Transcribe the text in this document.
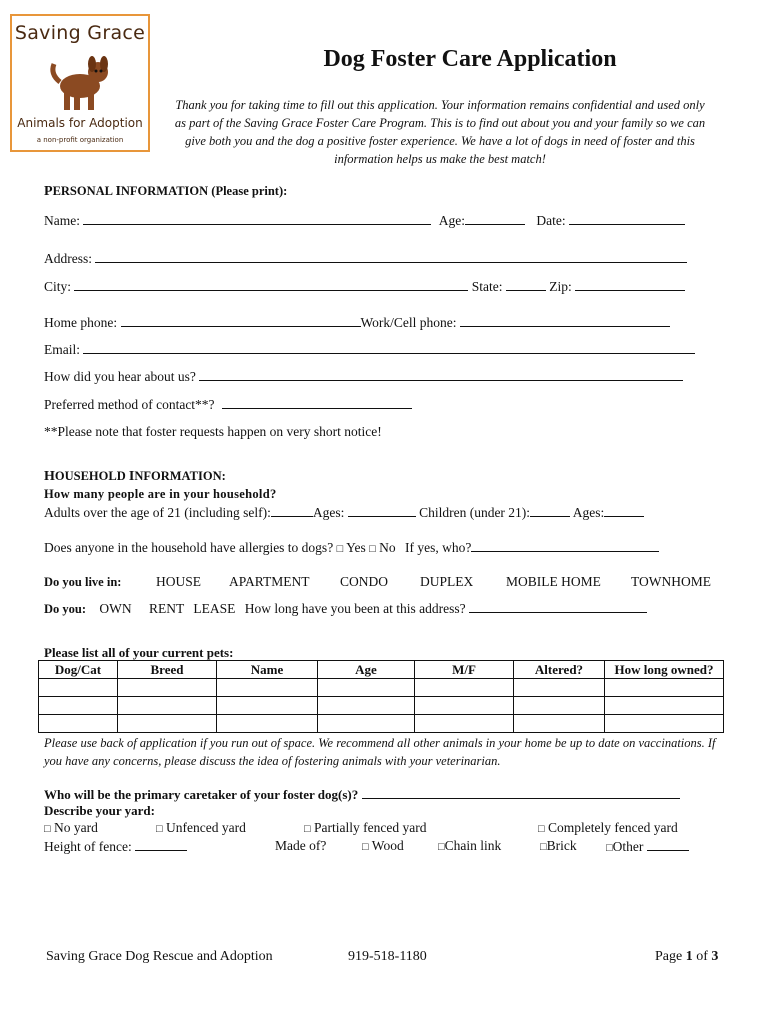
Saving Grace
Animals for Adoption
a non-profit organization
Dog Foster Care Application
Thank you for taking time to fill out this application. Your information remains confidential and used only as part of the Saving Grace Foster Care Program. This is to find out about you and your family so we can give both you and the dog a positive foster experience. We have a lot of dogs in need of foster and this information helps us make the best match!
PERSONAL INFORMATION (Please print):
Name:	Age:	Date:
Address:
City:	State:	Zip:
Home phone:	Work/Cell phone:
Email:
How did you hear about us?
Preferred method of contact**?
**Please note that foster requests happen on very short notice!
HOUSEHOLD INFORMATION:
How many people are in your household?
Adults over the age of 21 (including self):	Ages:	Children (under 21):	Ages:
Does anyone in the household have allergies to dogs? □ Yes □ No If yes, who?
Do you live in:	HOUSE APARTMENT CONDO DUPLEX MOBILE HOME TOWNHOME
Do you: OWN RENT LEASE How long have you been at this address?
Please list all of your current pets:
Dog/Cat	Breed	Name	Age	M/F	Altered?	How long owned?

Please use back of application if you run out of space. We recommend all other animals in your home be up to date on vaccinations. If you have any concerns, please discuss the idea of fostering animals with your veterinarian.
Who will be the primary caretaker of your foster dog(s)?
Describe your yard:
□ No yard	□ Unfenced yard	□ Partially fenced yard	□ Completely fenced yard
Height of fence:	Made of?	□ Wood	□Chain link	□Brick	□Other
Saving Grace Dog Rescue and Adoption	919-518-1180	Page 1 of 3
